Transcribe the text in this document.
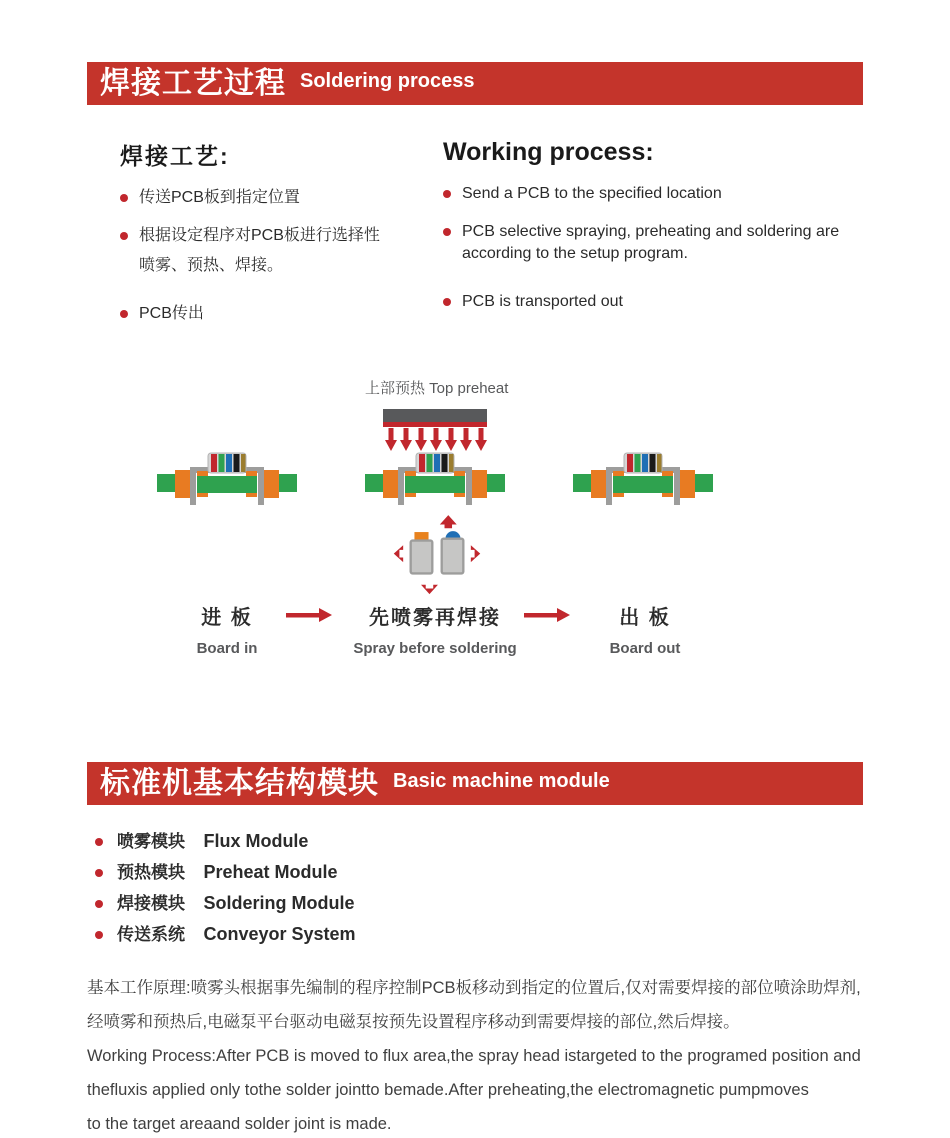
焊接工艺过程 Soldering process
焊接工艺:
传送PCB板到指定位置
根据设定程序对PCB板进行选择性
喷雾、预热、焊接。
PCB传出
Working process:
Send a PCB to the specified location
PCB selective spraying, preheating and soldering are according to the setup program.
PCB is transported out
上部预热 Top preheat
进 板
Board in
先喷雾再焊接
Spray before soldering
出 板
Board out
标准机基本结构模块 Basic machine module
喷雾模块 Flux Module
预热模块 Preheat Module
焊接模块 Soldering Module
传送系统 Conveyor System
基本工作原理:喷雾头根据事先编制的程序控制PCB板移动到指定的位置后,仅对需要焊接的部位喷涂助焊剂,
经喷雾和预热后,电磁泵平台驱动电磁泵按预先设置程序移动到需要焊接的部位,然后焊接。
Working Process:After PCB is moved to flux area,the spray head istargeted to the programed position and
thefluxis applied only tothe solder jointto bemade.After preheating,the electromagnetic pumpmoves
to the target areaand solder joint is made.
